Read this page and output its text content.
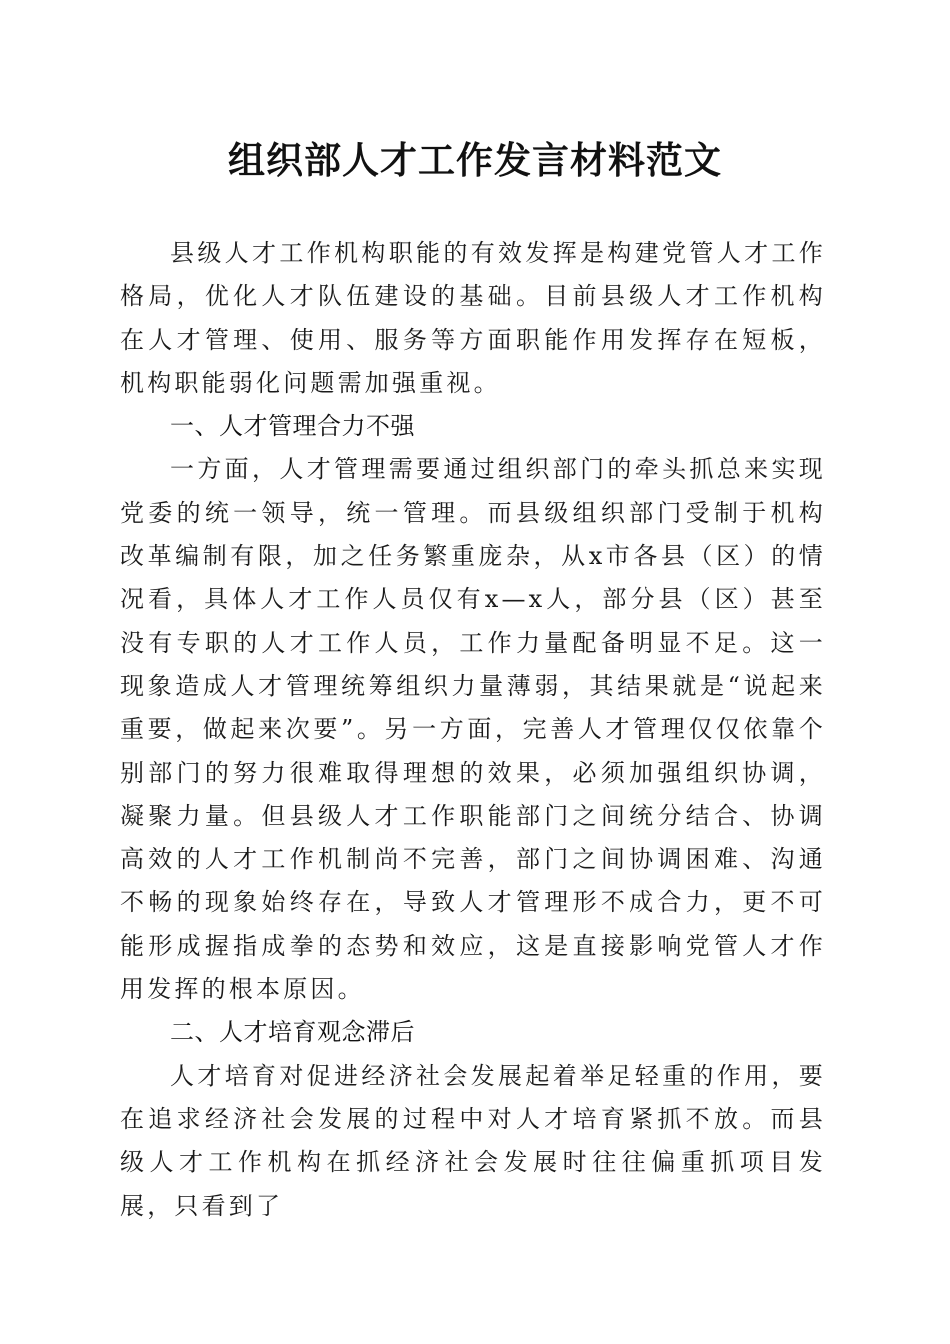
组织部人才工作发言材料范文

县级人才工作机构职能的有效发挥是构建党管人才工作格局，优化人才队伍建设的基础。目前县级人才工作机构在人才管理、使用、服务等方面职能作用发挥存在短板，机构职能弱化问题需加强重视。

一、人才管理合力不强

一方面，人才管理需要通过组织部门的牵头抓总来实现党委的统一领导，统一管理。而县级组织部门受制于机构改革编制有限，加之任务繁重庞杂，从x市各县（区）的情况看，具体人才工作人员仅有x—x人，部分县（区）甚至没有专职的人才工作人员，工作力量配备明显不足。这一现象造成人才管理统筹组织力量薄弱，其结果就是“说起来重要，做起来次要”。另一方面，完善人才管理仅仅依靠个别部门的努力很难取得理想的效果，必须加强组织协调，凝聚力量。但县级人才工作职能部门之间统分结合、协调高效的人才工作机制尚不完善，部门之间协调困难、沟通不畅的现象始终存在，导致人才管理形不成合力，更不可能形成握指成拳的态势和效应，这是直接影响党管人才作用发挥的根本原因。

二、人才培育观念滞后

人才培育对促进经济社会发展起着举足轻重的作用，要在追求经济社会发展的过程中对人才培育紧抓不放。而县级人才工作机构在抓经济社会发展时往往偏重抓项目发展，只看到了
